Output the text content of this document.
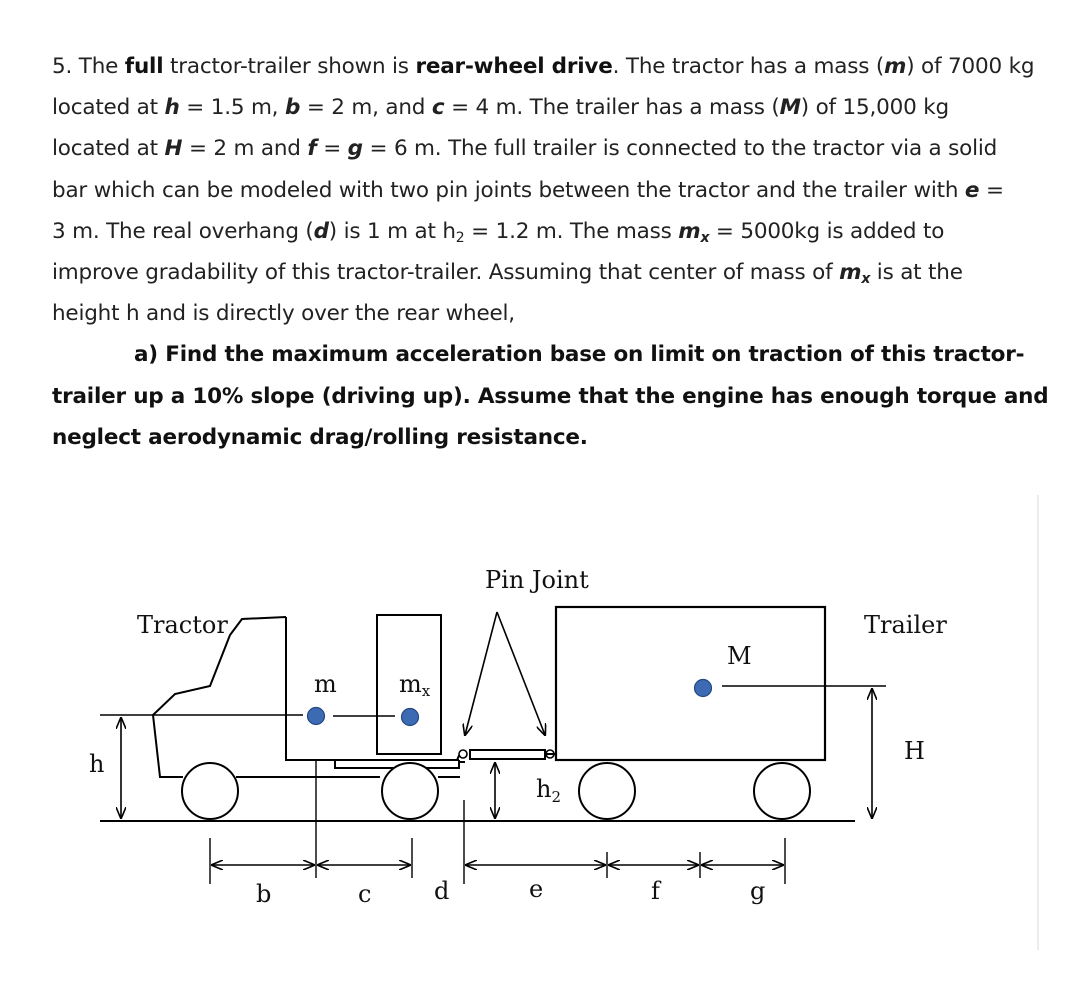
5. The full tractor-trailer shown is rear-wheel drive. The tractor has a mass (m) of 7000 kg
located at h = 1.5 m, b = 2 m, and c = 4 m. The trailer has a mass (M) of 15,000 kg
located at H = 2 m and f = g = 6 m. The full trailer is connected to the tractor via a solid
bar which can be modeled with two pin joints between the tractor and the trailer with e =
3 m. The real overhang (d) is 1 m at $h_2 = 1.2$ m. The mass $m_x = 5000kg$ is added to
improve gradability of this tractor-trailer. Assuming that center of mass of $m_x$ is at the
height h and is directly over the rear wheel,
a) Find the maximum acceleration base on limit on traction of this tractor-
trailer up a 10% slope (driving up). Assume that the engine has enough torque and
neglect aerodynamic drag/rolling resistance.
Tractor	Trailer
Pin Joint
m	mx
M
h	H
$h_2$
b	c	d	e	f	g
